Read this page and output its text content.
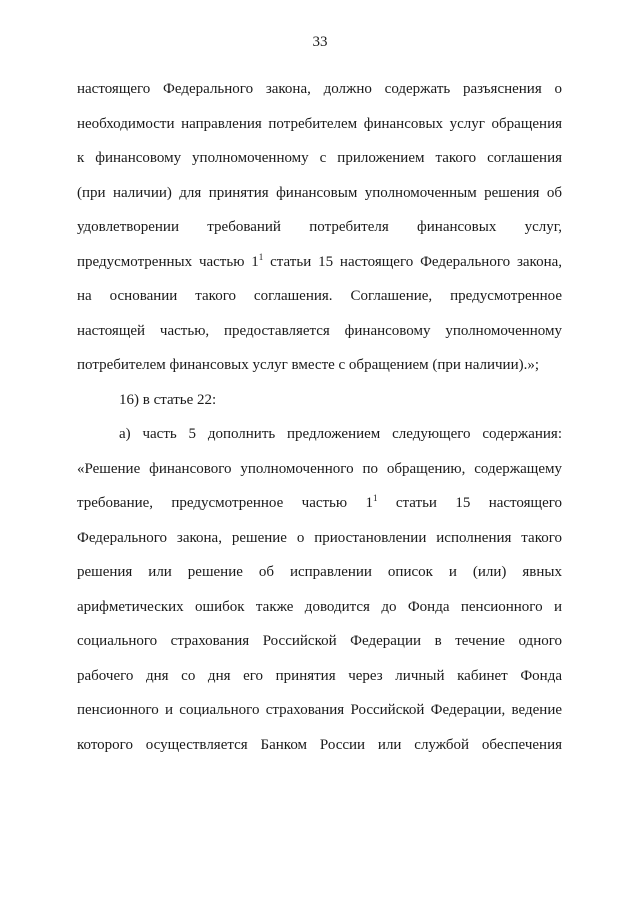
33
настоящего Федерального закона, должно содержать разъяснения о
необходимости направления потребителем финансовых услуг обращения
к финансовому уполномоченному с приложением такого соглашения
(при наличии) для принятия финансовым уполномоченным решения об
удовлетворении требований потребителя финансовых услуг,
предусмотренных частью $1^1$ статьи 15 настоящего Федерального закона,
на основании такого соглашения. Соглашение, предусмотренное
настоящей частью, предоставляется финансовому уполномоченному
потребителем финансовых услуг вместе с обращением (при наличии).»;
16) в статье 22:
а) часть 5 дополнить предложением следующего содержания:
«Решение финансового уполномоченного по обращению, содержащему
требование, предусмотренное частью $1^1$ статьи 15 настоящего
Федерального закона, решение о приостановлении исполнения такого
решения или решение об исправлении описок и (или) явных
арифметических ошибок также доводится до Фонда пенсионного и
социального страхования Российской Федерации в течение одного
рабочего дня со дня его принятия через личный кабинет Фонда
пенсионного и социального страхования Российской Федерации, ведение
которого осуществляется Банком России или службой обеспечения
